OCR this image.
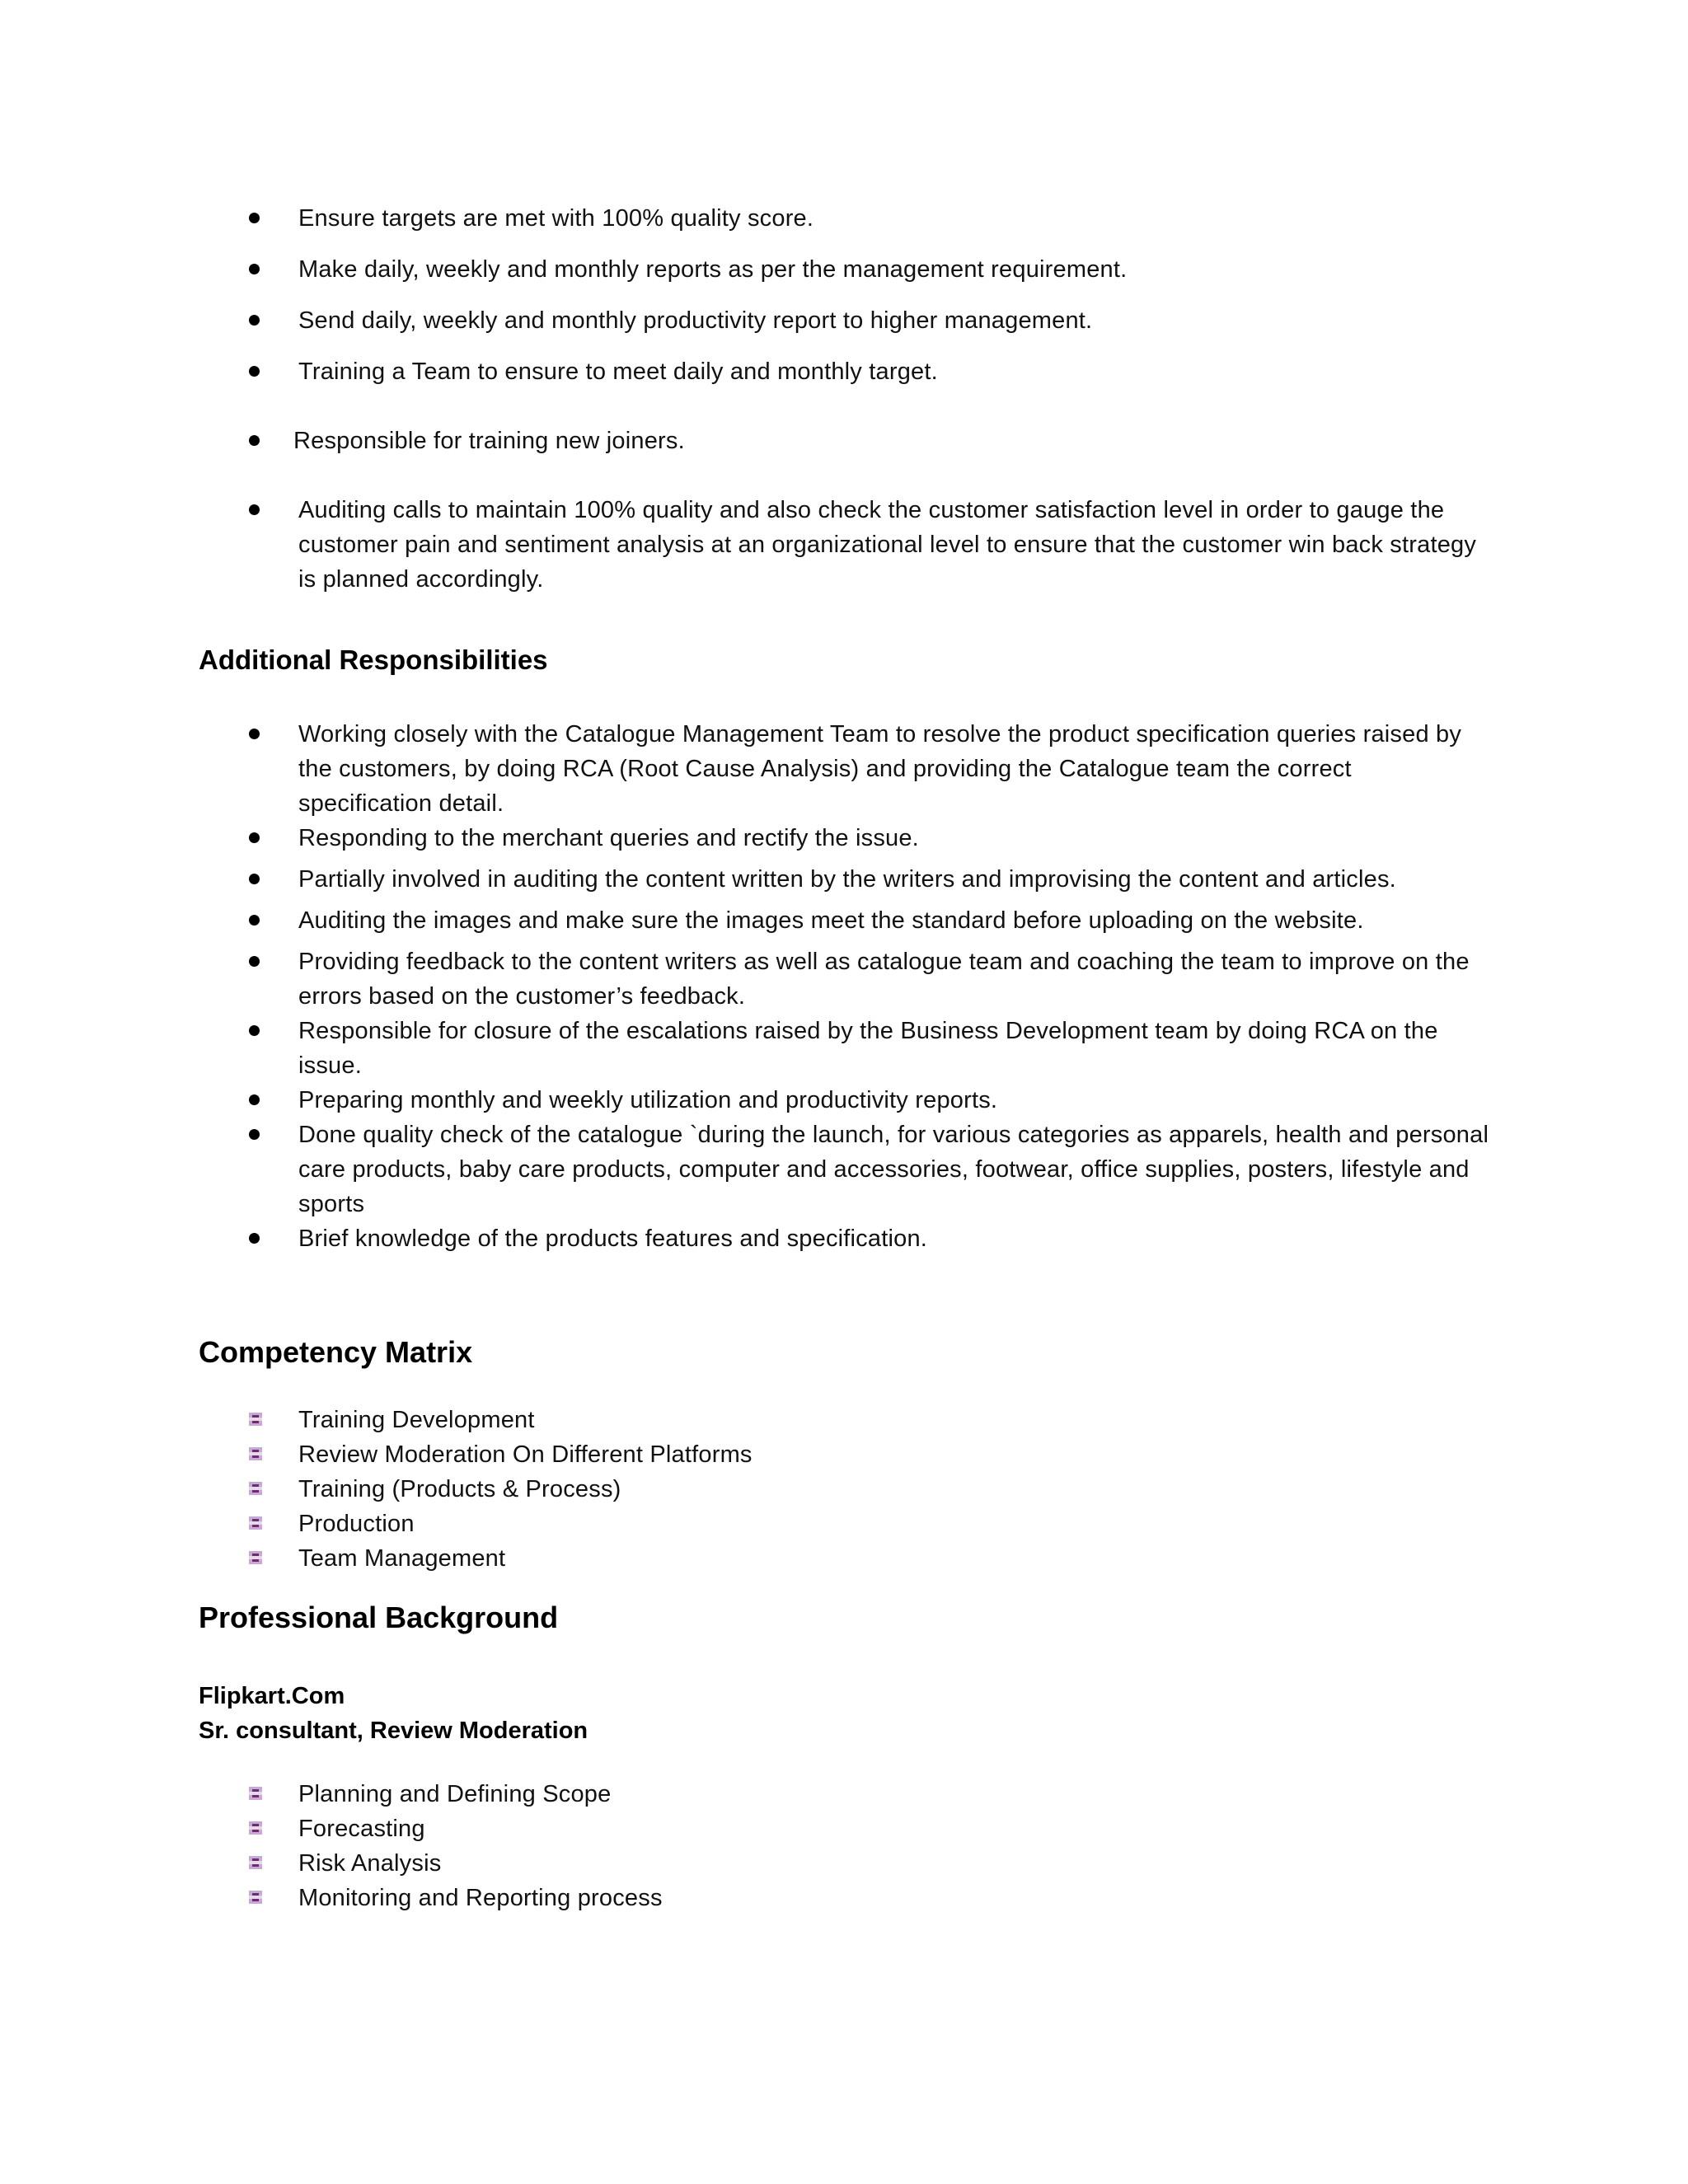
Ensure targets are met with 100% quality score.
Make daily, weekly and monthly reports as per the management requirement.
Send daily, weekly and monthly productivity report to higher management.
Training a Team to ensure to meet daily and monthly target.
Responsible for training new joiners.
Auditing calls to maintain 100% quality and also check the customer satisfaction level in order to gauge the customer pain and sentiment analysis at an organizational level to ensure that the customer win back strategy is planned accordingly.
Additional Responsibilities
Working closely with the Catalogue Management Team to resolve the product specification queries raised by the customers, by doing RCA (Root Cause Analysis) and providing the Catalogue team the correct specification detail.
Responding to the merchant queries and rectify the issue.
Partially involved in auditing the content written by the writers and improvising the content and articles.
Auditing the images and make sure the images meet the standard before uploading on the website.
Providing feedback to the content writers as well as catalogue team and coaching the team to improve on the errors based on the customer’s feedback.
Responsible for closure of the escalations raised by the Business Development team by doing RCA on the issue.
Preparing monthly and weekly utilization and productivity reports.
Done quality check of the catalogue `during the launch, for various categories as apparels, health and personal care products, baby care products, computer and accessories, footwear, office supplies, posters, lifestyle and sports
Brief knowledge of the products features and specification.
Competency Matrix
Training Development
Review Moderation On Different Platforms
Training (Products & Process)
Production
Team Management
Professional Background
Flipkart.Com
Sr. consultant, Review Moderation
Planning and Defining Scope
Forecasting
Risk Analysis
Monitoring and Reporting process
